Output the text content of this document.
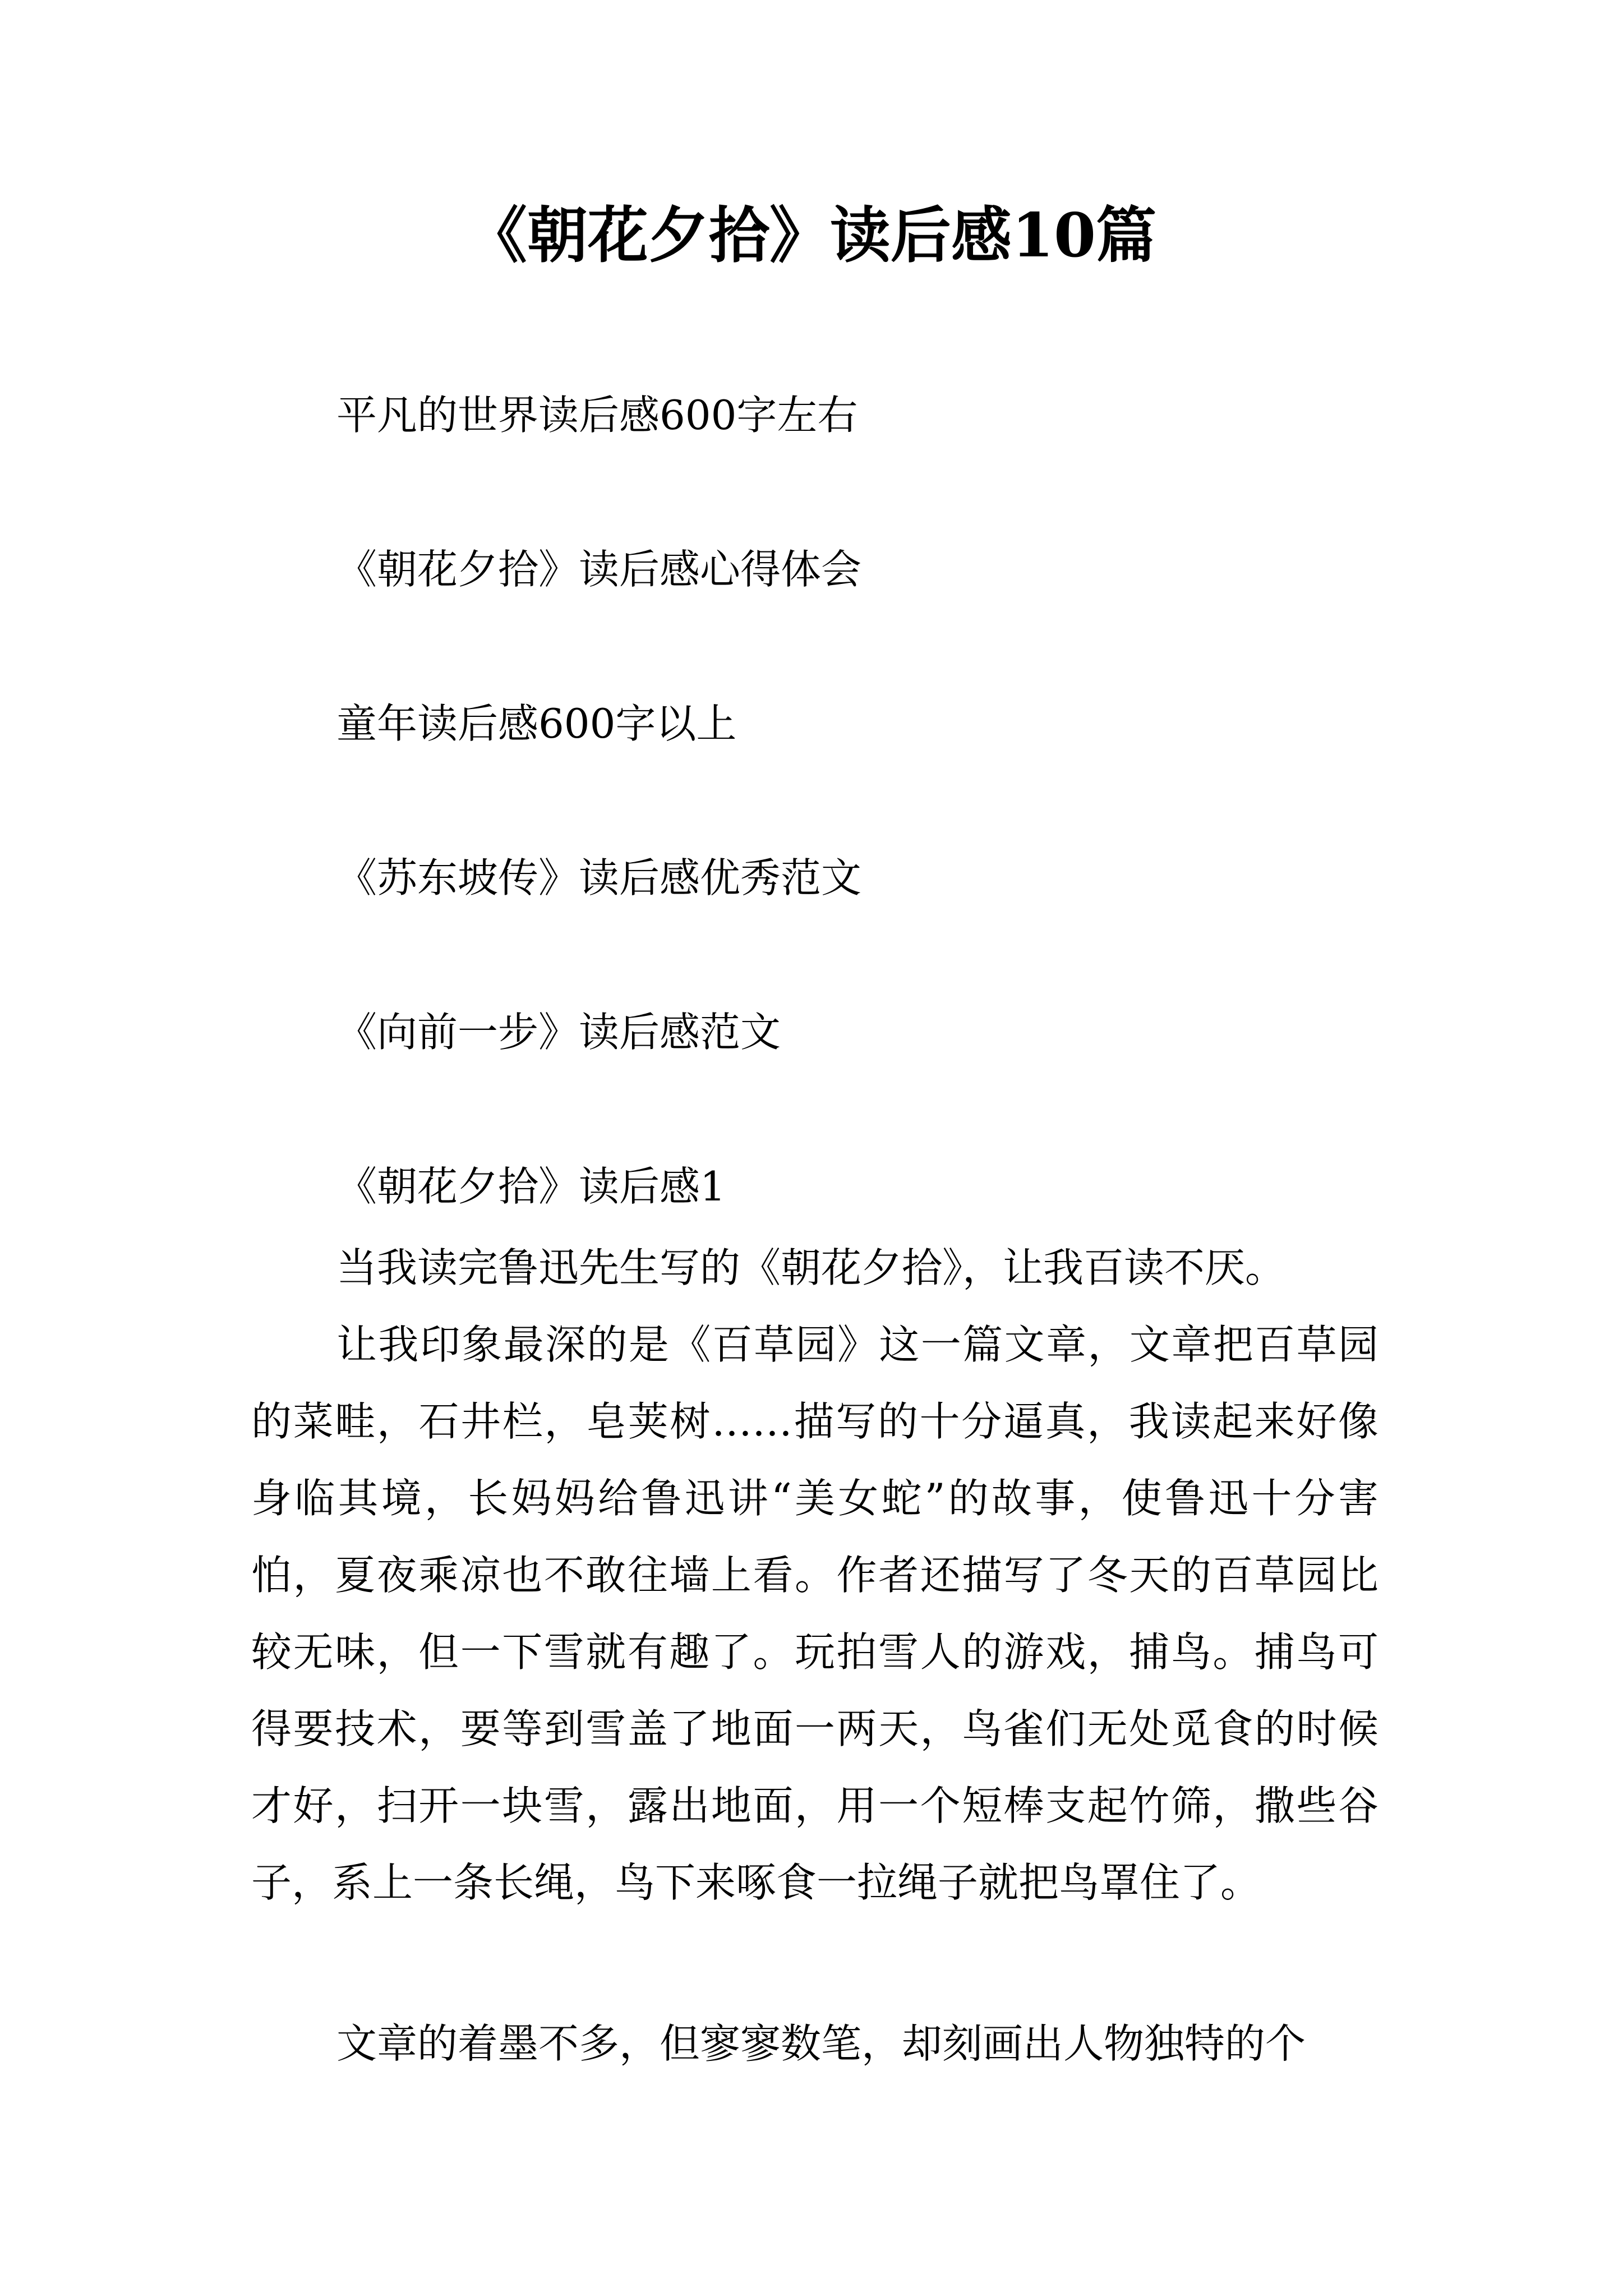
《朝花夕拾》读后感10篇
平凡的世界读后感600字左右
《朝花夕拾》读后感心得体会
童年读后感600字以上
《苏东坡传》读后感优秀范文
《向前一步》读后感范文
《朝花夕拾》读后感1

当我读完鲁迅先生写的《朝花夕拾》，让我百读不厌。

让我印象最深的是《百草园》这一篇文章，文章把百草园的菜畦，石井栏，皂荚树……描写的十分逼真，我读起来好像身临其境，长妈妈给鲁迅讲“美女蛇”的故事，使鲁迅十分害怕，夏夜乘凉也不敢往墙上看。作者还描写了冬天的百草园比较无味，但一下雪就有趣了。玩拍雪人的游戏，捕鸟。捕鸟可得要技术，要等到雪盖了地面一两天，鸟雀们无处觅食的时候才好，扫开一块雪，露出地面，用一个短棒支起竹筛，撒些谷子，系上一条长绳，鸟下来啄食一拉绳子就把鸟罩住了。

文章的着墨不多，但寥寥数笔，却刻画出人物独特的个
